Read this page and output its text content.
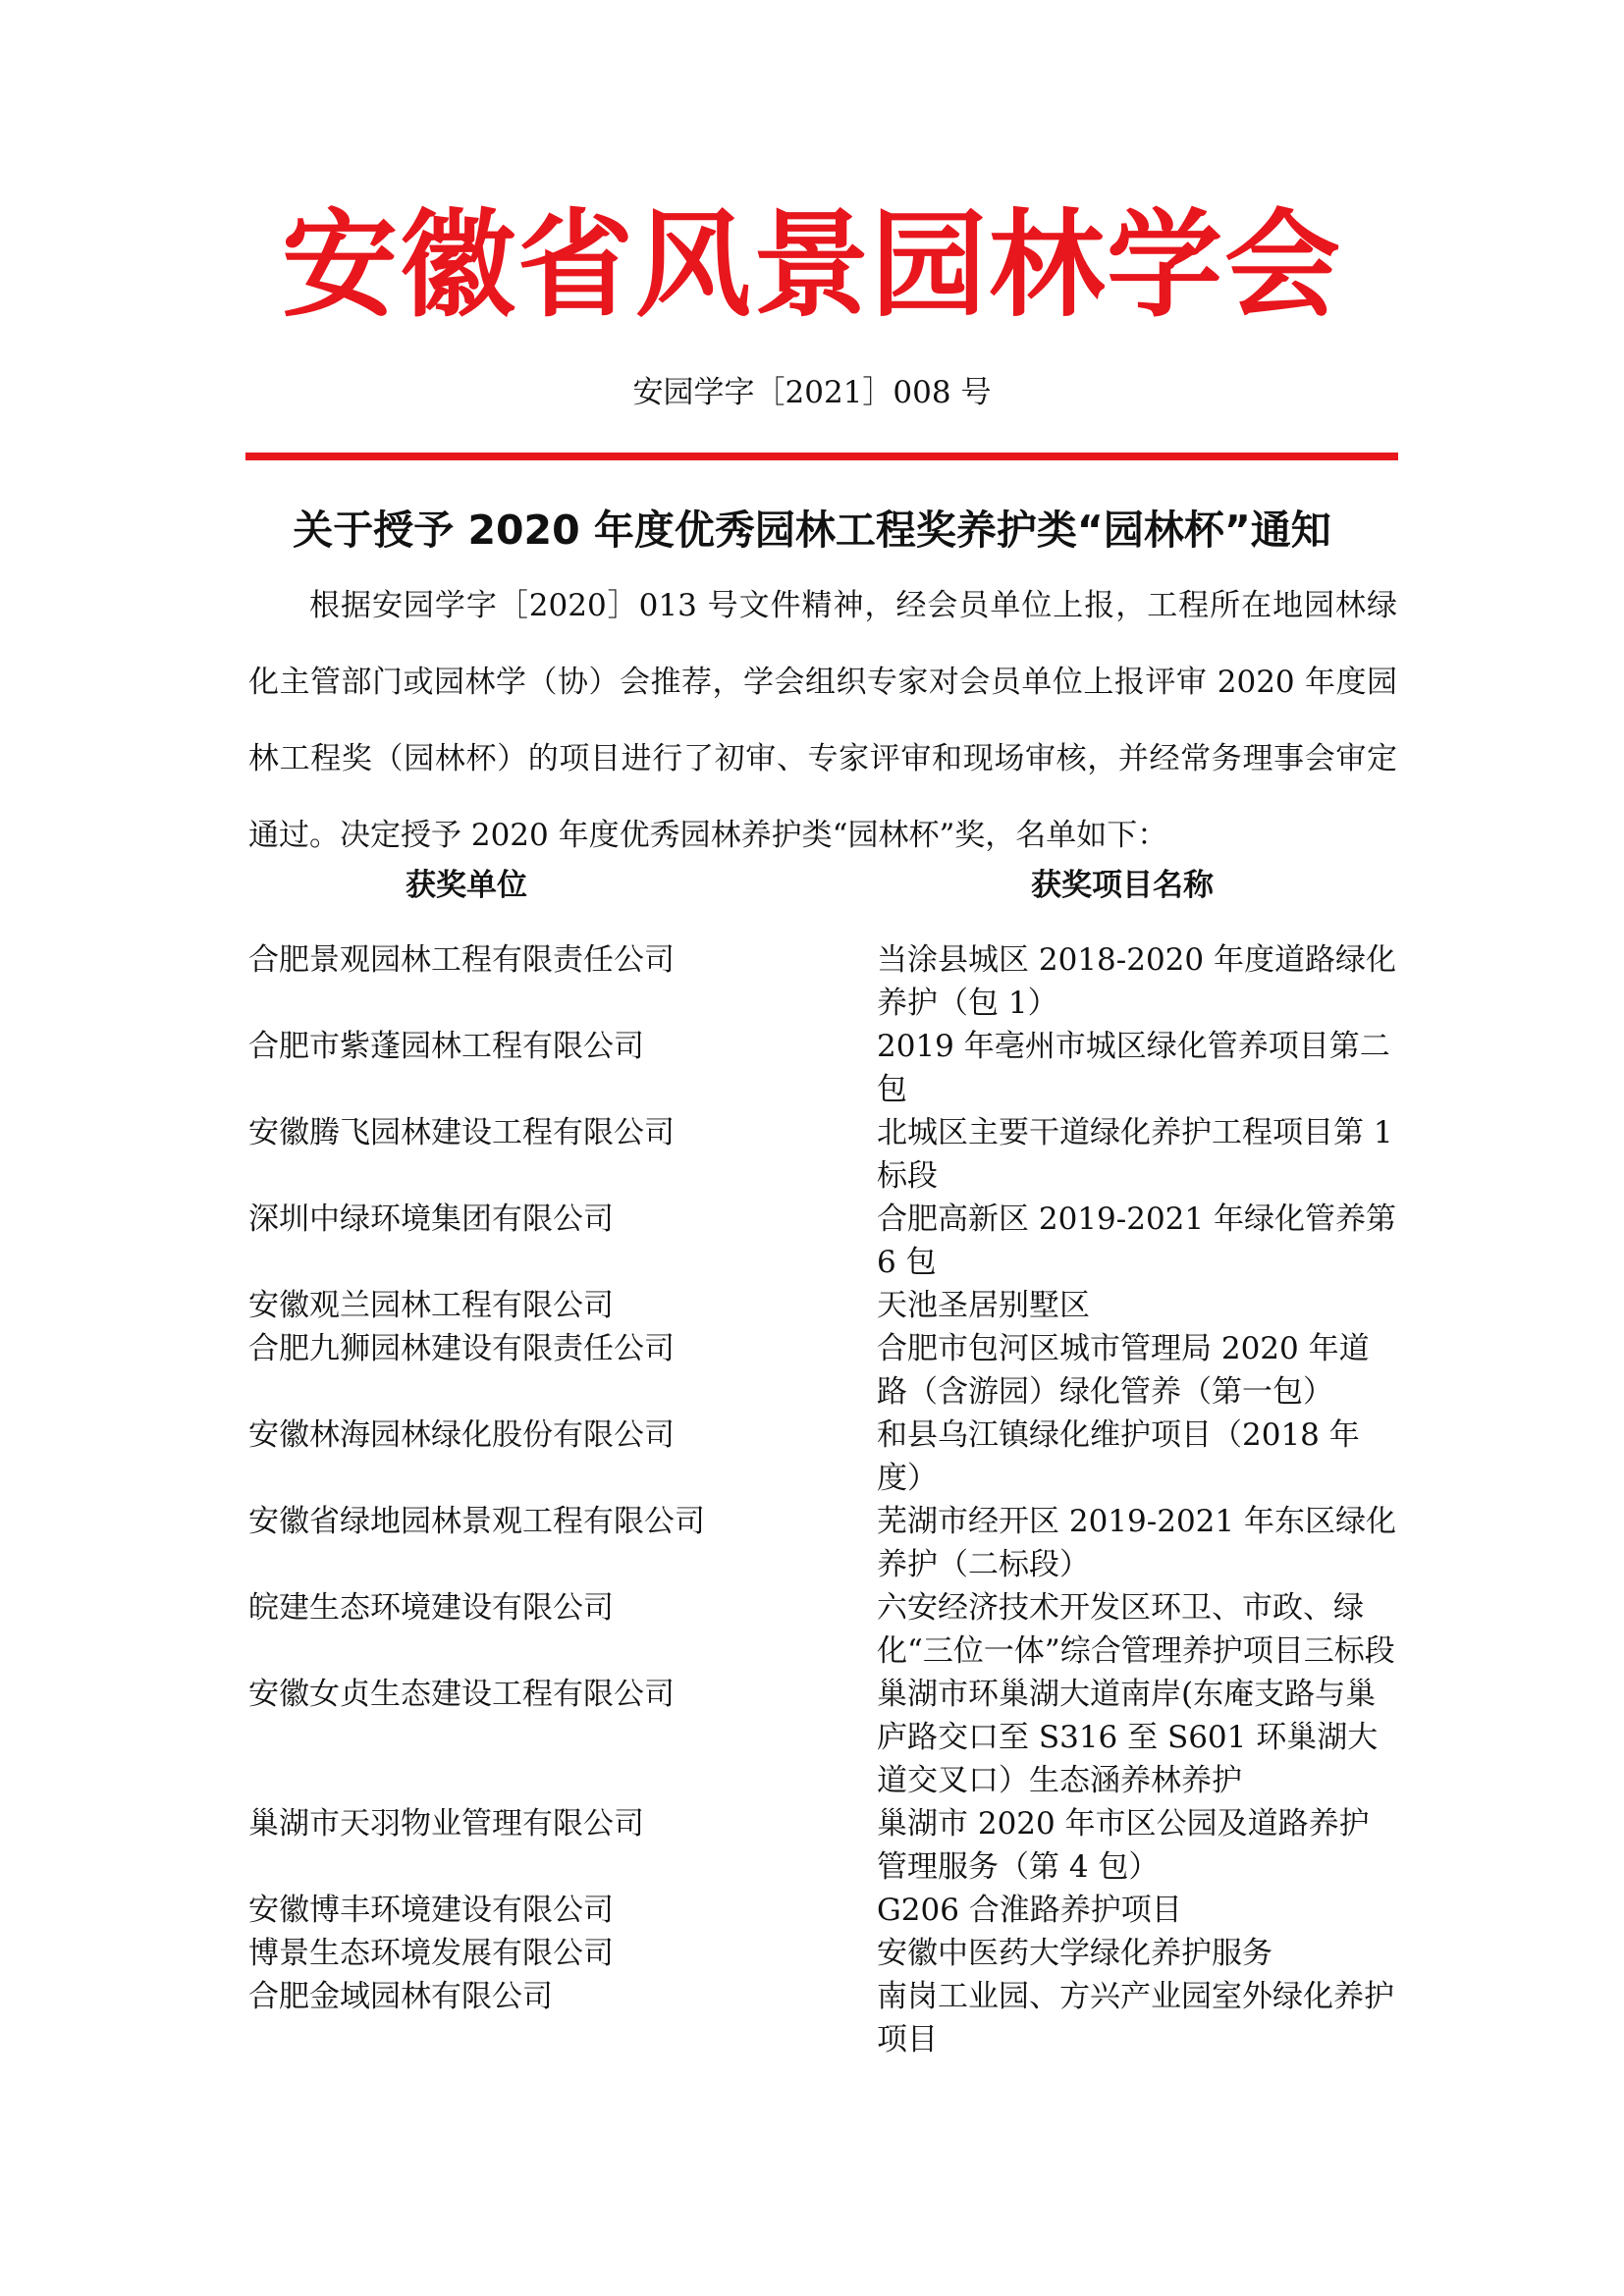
安徽省风景园林学会
安园学字［2021］008 号
关于授予 2020 年度优秀园林工程奖养护类“园林杯”通知

根据安园学字［2020］013 号文件精神，经会员单位上报，工程所在地园林绿化主管部门或园林学（协）会推荐，学会组织专家对会员单位上报评审 2020 年度园林工程奖（园林杯）的项目进行了初审、专家评审和现场审核，并经常务理事会审定通过。决定授予 2020 年度优秀园林养护类“园林杯”奖，名单如下：

获奖单位	获奖项目名称
合肥景观园林工程有限责任公司	当涂县城区 2018-2020 年度道路绿化养护（包 1）
合肥市紫蓬园林工程有限公司	2019 年亳州市城区绿化管养项目第二包
安徽腾飞园林建设工程有限公司	北城区主要干道绿化养护工程项目第 1 标段
深圳中绿环境集团有限公司	合肥高新区 2019-2021 年绿化管养第 6 包
安徽观兰园林工程有限公司	天池圣居别墅区
合肥九狮园林建设有限责任公司	合肥市包河区城市管理局 2020 年道路（含游园）绿化管养（第一包）
安徽林海园林绿化股份有限公司	和县乌江镇绿化维护项目（2018 年度）
安徽省绿地园林景观工程有限公司	芜湖市经开区 2019-2021 年东区绿化养护（二标段）
皖建生态环境建设有限公司	六安经济技术开发区环卫、市政、绿化“三位一体”综合管理养护项目三标段
安徽女贞生态建设工程有限公司	巢湖市环巢湖大道南岸(东庵支路与巢庐路交口至 S316 至 S601 环巢湖大道交叉口）生态涵养林养护
巢湖市天羽物业管理有限公司	巢湖市 2020 年市区公园及道路养护管理服务（第 4 包）
安徽博丰环境建设有限公司	G206 合淮路养护项目
博景生态环境发展有限公司	安徽中医药大学绿化养护服务
合肥金域园林有限公司	南岗工业园、方兴产业园室外绿化养护项目
